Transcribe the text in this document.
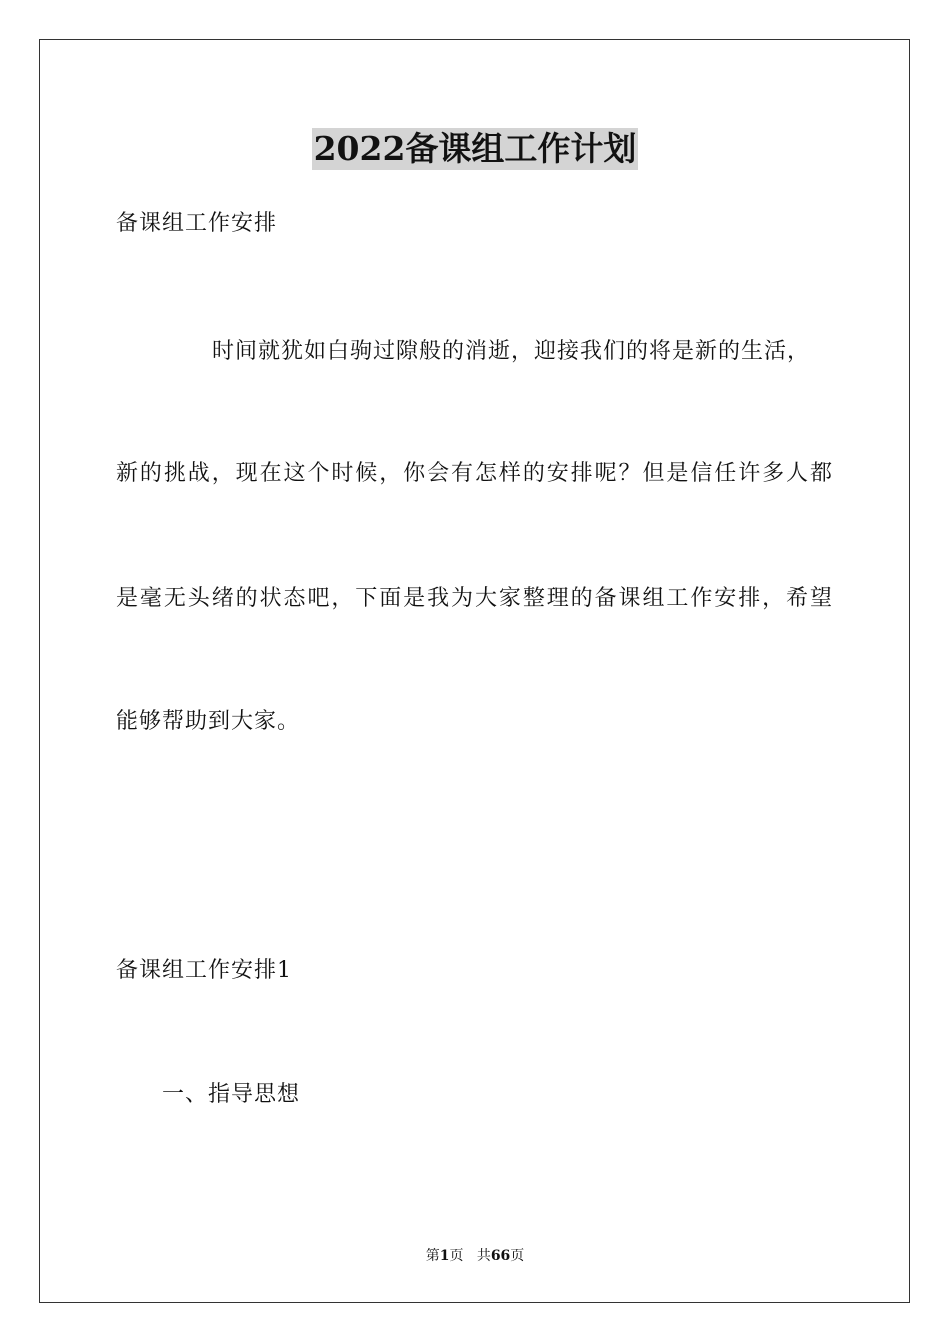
2022备课组工作计划
备课组工作安排
时间就犹如白驹过隙般的消逝，迎接我们的将是新的生活，
新的挑战，现在这个时候，你会有怎样的安排呢？但是信任许多人都
是毫无头绪的状态吧，下面是我为大家整理的备课组工作安排，希望
能够帮助到大家。
备课组工作安排1
一、指导思想
第1页 共66页
